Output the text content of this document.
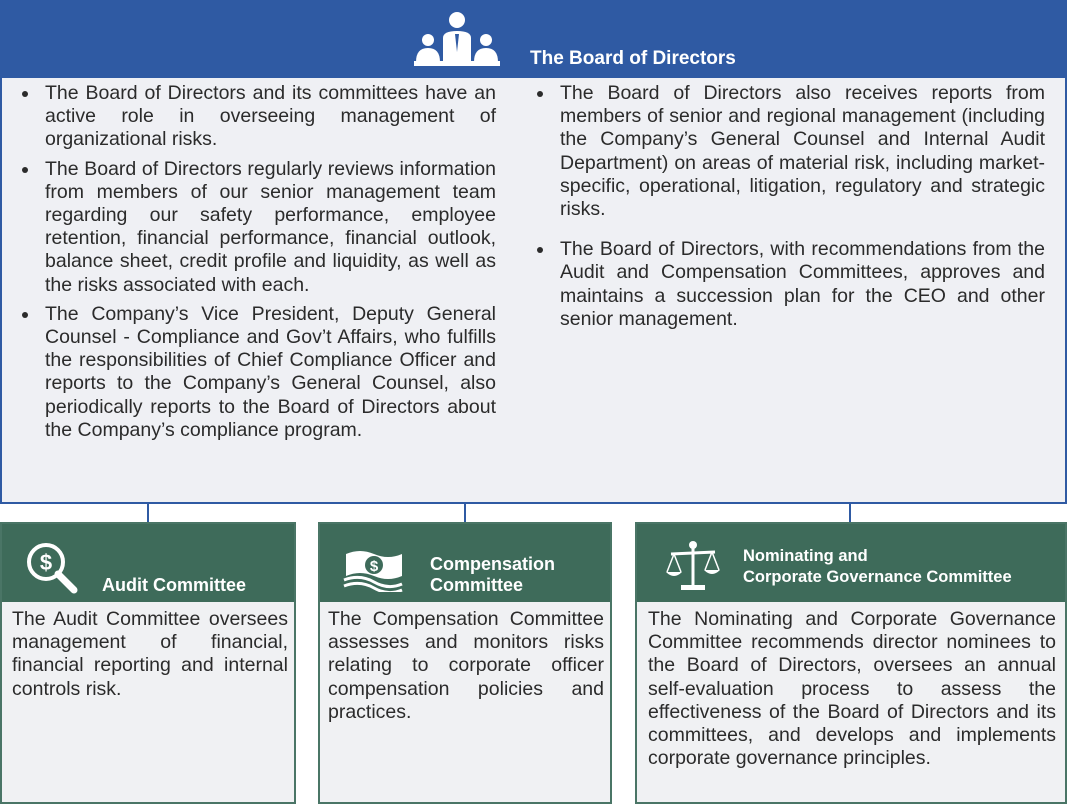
The Board of Directors
The Board of Directors and its committees have an active role in overseeing management of organizational risks.
The Board of Directors regularly reviews information from members of our senior management team regarding our safety performance, employee retention, financial performance, financial outlook, balance sheet, credit profile and liquidity, as well as the risks associated with each.
The Company’s Vice President, Deputy General Counsel - Compliance and Gov’t Affairs, who fulfills the responsibilities of Chief Compliance Officer and reports to the Company’s General Counsel, also periodically reports to the Board of Directors about the Company’s compliance program.
The Board of Directors also receives reports from members of senior and regional management (including the Company’s General Counsel and Internal Audit Department) on areas of material risk, including market-specific, operational, litigation, regulatory and strategic risks.
The Board of Directors, with recommendations from the Audit and Compensation Committees, approves and maintains a succession plan for the CEO and other senior management.
$
Audit Committee

The Audit Committee oversees management of financial, financial reporting and internal controls risk.

$	Compensation
Committee

The Compensation Committee assesses and monitors risks relating to corporate officer compensation policies and practices.

Nominating and
Corporate Governance Committee

The Nominating and Corporate Governance Committee recommends director nominees to the Board of Directors, oversees an annual self-evaluation process to assess the effectiveness of the Board of Directors and its committees, and develops and implements corporate governance principles.
